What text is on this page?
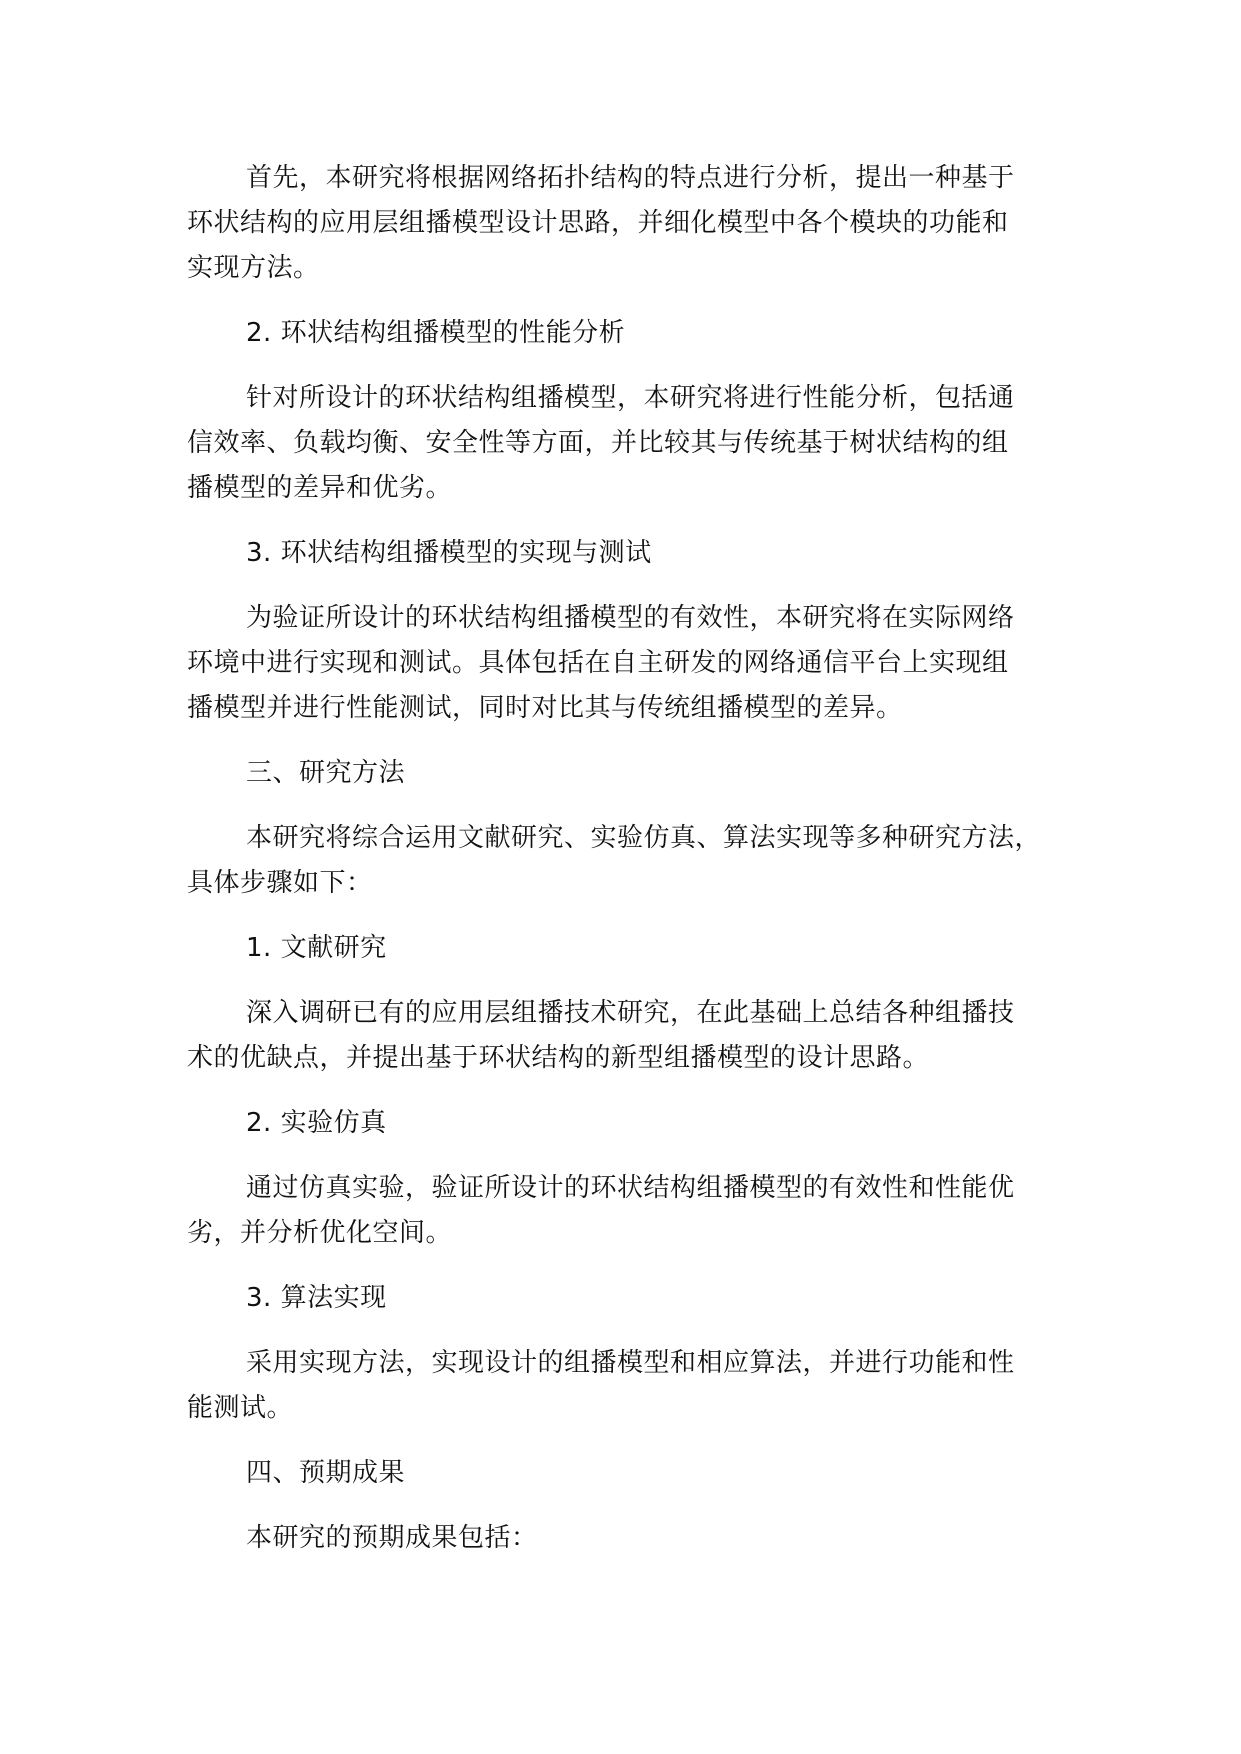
首先，本研究将根据网络拓扑结构的特点进行分析，提出一种基于
环状结构的应用层组播模型设计思路，并细化模型中各个模块的功能和
实现方法。

2. 环状结构组播模型的性能分析

针对所设计的环状结构组播模型，本研究将进行性能分析，包括通
信效率、负载均衡、安全性等方面，并比较其与传统基于树状结构的组
播模型的差异和优劣。

3. 环状结构组播模型的实现与测试

为验证所设计的环状结构组播模型的有效性，本研究将在实际网络
环境中进行实现和测试。具体包括在自主研发的网络通信平台上实现组
播模型并进行性能测试，同时对比其与传统组播模型的差异。

三、研究方法

本研究将综合运用文献研究、实验仿真、算法实现等多种研究方法，
具体步骤如下：

1. 文献研究

深入调研已有的应用层组播技术研究，在此基础上总结各种组播技
术的优缺点，并提出基于环状结构的新型组播模型的设计思路。

2. 实验仿真

通过仿真实验，验证所设计的环状结构组播模型的有效性和性能优
劣，并分析优化空间。

3. 算法实现

采用实现方法，实现设计的组播模型和相应算法，并进行功能和性
能测试。

四、预期成果

本研究的预期成果包括：
